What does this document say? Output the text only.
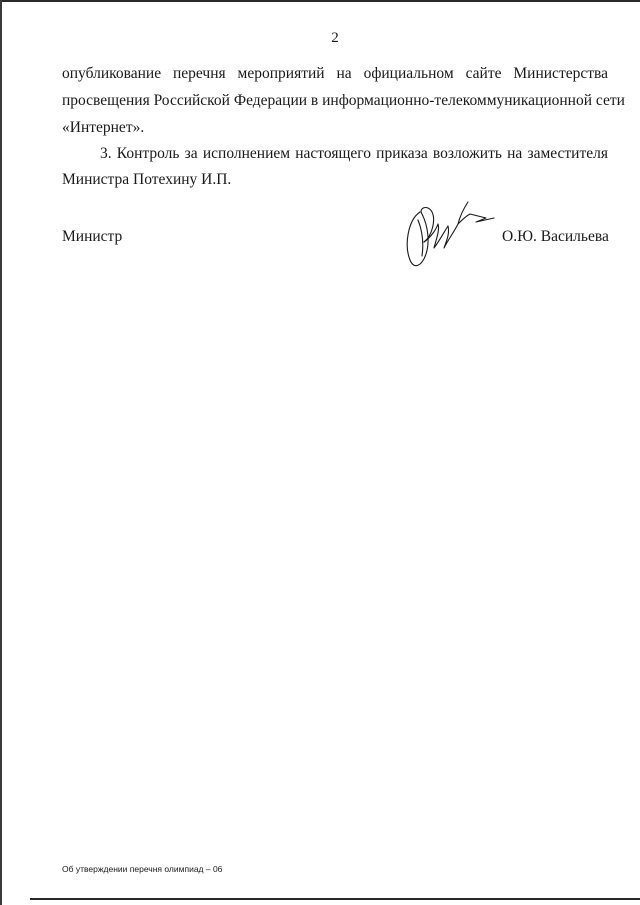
2
опубликование перечня мероприятий на официальном сайте Министерства
просвещения Российской Федерации в информационно-телекоммуникационной сети
«Интернет».
3. Контроль за исполнением настоящего приказа возложить на заместителя
Министра Потехину И.П.
Министр	О.Ю. Васильева
Об утверждении перечня олимпиад – 06
